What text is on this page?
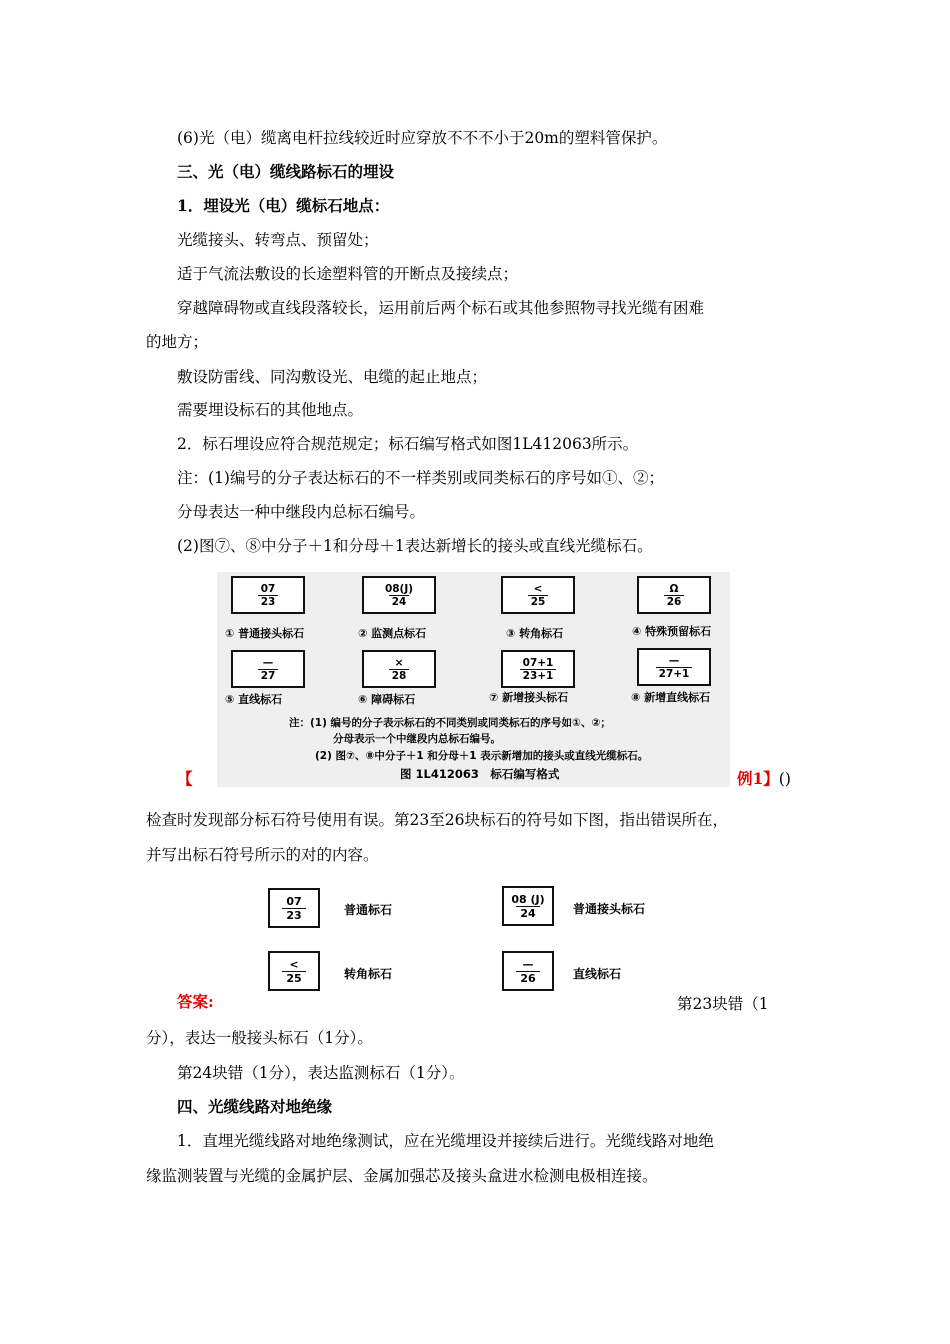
(6)光（电）缆离电杆拉线较近时应穿放不不不小于20m的塑料管保护。
三、光（电）缆线路标石的埋设
1．埋设光（电）缆标石地点：
光缆接头、转弯点、预留处；
适于气流法敷设的长途塑料管的开断点及接续点；
穿越障碍物或直线段落较长，运用前后两个标石或其他参照物寻找光缆有困难
的地方；
敷设防雷线、同沟敷设光、电缆的起止地点；
需要埋设标石的其他地点。
2．标石埋设应符合规范规定；标石编写格式如图1L412063所示。
注：(1)编号的分子表达标石的不一样类别或同类标石的序号如①、②；
分母表达一种中继段内总标石编号。
(2)图⑦、⑧中分子＋1和分母＋1表达新增长的接头或直线光缆标石。
$\frac{07}{23}$
① 普通接头标石
$\frac{08(J)}{24}$
② 监测点标石
<
25
③ 转角标石
$\frac{\Omega}{26}$
④ 特殊预留标石
—
27
⑤ 直线标石
×
28
⑥ 障碍标石
$\frac{07+1}{23+1}$
⑦ 新增接头标石
—
27+1
⑧ 新增直线标石
注：(1) 编号的分子表示标石的不同类别或同类标石的序号如①、②；
分母表示一个中继段内总标石编号。
(2) 图⑦、⑧中分子＋1 和分母＋1 表示新增加的接头或直线光缆标石。
图 1L412063　标石编写格式
【	例1】()
检查时发现部分标石符号使用有误。第23至26块标石的符号如下图，指出错误所在，
并写出标石符号所示的对的内容。
$\frac{07}{23}$ 普通标石	$\frac{08 (J)}{24}$ 普通接头标石
<
25	转角标石
—
26	直线标石
答案:	第23块错（1
分），表达一般接头标石（1分）。
第24块错（1分），表达监测标石（1分）。
四、光缆线路对地绝缘
1．直埋光缆线路对地绝缘测试，应在光缆埋设并接续后进行。光缆线路对地绝
缘监测装置与光缆的金属护层、金属加强芯及接头盒进水检测电极相连接。
